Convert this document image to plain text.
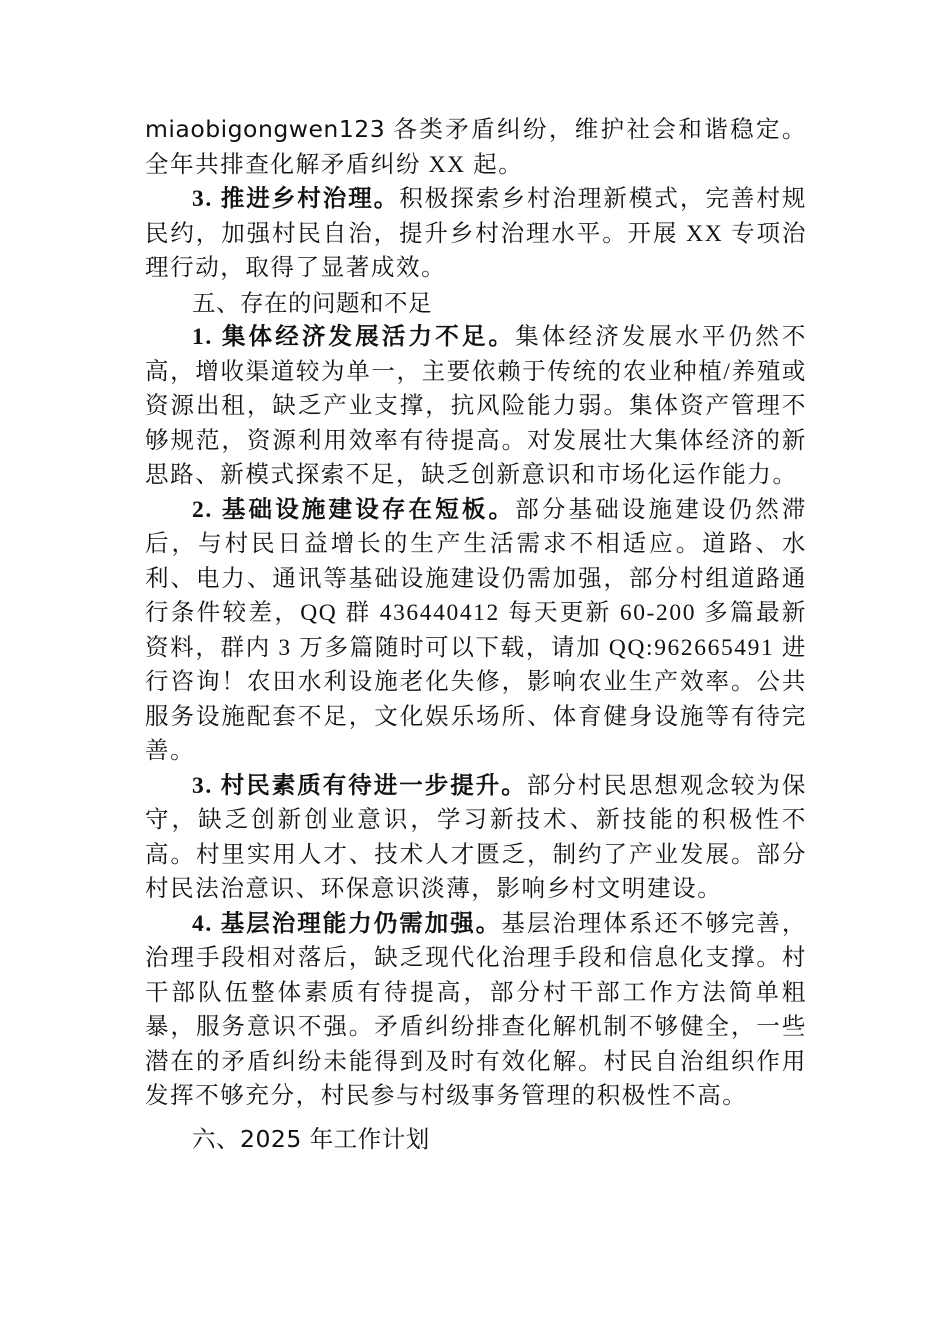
miaobigongwen123 各类矛盾纠纷，维护社会和谐稳定。全年共排查化解矛盾纠纷 XX 起。

3. 推进乡村治理。积极探索乡村治理新模式，完善村规民约，加强村民自治，提升乡村治理水平。开展 XX 专项治理行动，取得了显著成效。

五、存在的问题和不足

1. 集体经济发展活力不足。集体经济发展水平仍然不高，增收渠道较为单一，主要依赖于传统的农业种植/养殖或资源出租，缺乏产业支撑，抗风险能力弱。集体资产管理不够规范，资源利用效率有待提高。对发展壮大集体经济的新思路、新模式探索不足，缺乏创新意识和市场化运作能力。

2. 基础设施建设存在短板。部分基础设施建设仍然滞后，与村民日益增长的生产生活需求不相适应。道路、水利、电力、通讯等基础设施建设仍需加强，部分村组道路通行条件较差，QQ 群 436440412 每天更新 60-200 多篇最新资料，群内 3 万多篇随时可以下载，请加 QQ:962665491 进行咨询！农田水利设施老化失修，影响农业生产效率。公共服务设施配套不足，文化娱乐场所、体育健身设施等有待完善。

3. 村民素质有待进一步提升。部分村民思想观念较为保守，缺乏创新创业意识，学习新技术、新技能的积极性不高。村里实用人才、技术人才匮乏，制约了产业发展。部分村民法治意识、环保意识淡薄，影响乡村文明建设。

4. 基层治理能力仍需加强。基层治理体系还不够完善，治理手段相对落后，缺乏现代化治理手段和信息化支撑。村干部队伍整体素质有待提高，部分村干部工作方法简单粗暴，服务意识不强。矛盾纠纷排查化解机制不够健全，一些潜在的矛盾纠纷未能得到及时有效化解。村民自治组织作用发挥不够充分，村民参与村级事务管理的积极性不高。

六、2025 年工作计划
